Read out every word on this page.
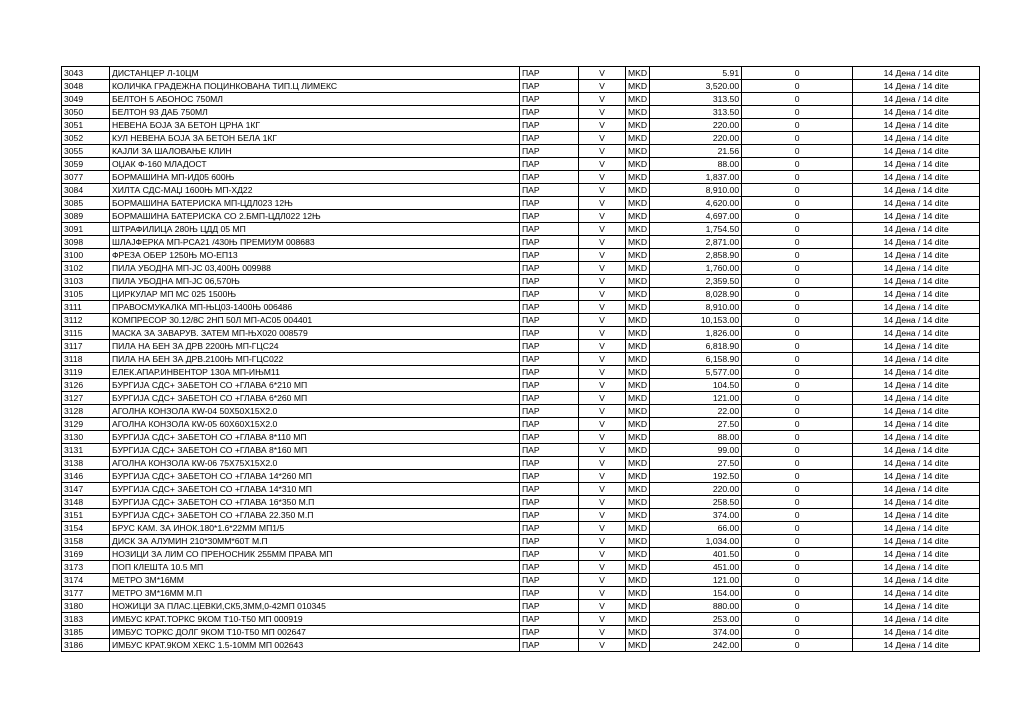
3043	ДИСТАНЦЕР Л-10ЦМ	ПАР	V	MKD	5.91	0	14 Дена / 14 dite
3048	КОЛИЧКА ГРАДЕЖНА ПОЦИНКОВАНА ТИП.Ц ЛИМЕКС	ПАР	V	MKD	3,520.00	0	14 Дена / 14 dite
3049	БЕЛТОН 5 АБОНОС 750МЛ	ПАР	V	MKD	313.50	0	14 Дена / 14 dite
3050	БЕЛТОН 93 ДАБ 750МЛ	ПАР	V	MKD	313.50	0	14 Дена / 14 dite
3051	НЕВЕНА БОЈА ЗА БЕТОН ЦРНА 1КГ	ПАР	V	MKD	220.00	0	14 Дена / 14 dite
3052	КУЛ НЕВЕНА БОЈА ЗА БЕТОН БЕЛА 1КГ	ПАР	V	MKD	220.00	0	14 Дена / 14 dite
3055	КАЈЛИ ЗА ШАЛОВАЊЕ КЛИН	ПАР	V	MKD	21.56	0	14 Дена / 14 dite
3059	ОЏАК Ф-160 МЛАДОСТ	ПАР	V	MKD	88.00	0	14 Дена / 14 dite
3077	БОРМАШИНА МП-ИД05 600Њ	ПАР	V	MKD	1,837.00	0	14 Дена / 14 dite
3084	ХИЛТА СДС-МАЏ 1600Њ МП-ХД22	ПАР	V	MKD	8,910.00	0	14 Дена / 14 dite
3085	БОРМАШИНА БАТЕРИСКА МП-ЦДЛ023 12Њ	ПАР	V	MKD	4,620.00	0	14 Дена / 14 dite
3089	БОРМАШИНА БАТЕРИСКА СО 2.БМП-ЦДЛ022 12Њ	ПАР	V	MKD	4,697.00	0	14 Дена / 14 dite
3091	ШТРАФИЛИЦА 280Њ ЦДД 05 МП	ПАР	V	MKD	1,754.50	0	14 Дена / 14 dite
3098	ШЛАЈФЕРКА МП-РСА21 /430Њ ПРЕМИУМ 008683	ПАР	V	MKD	2,871.00	0	14 Дена / 14 dite
3100	ФРЕЗА ОБЕР 1250Њ МО-ЕП13	ПАР	V	MKD	2,858.90	0	14 Дена / 14 dite
3102	ПИЛА УБОДНА МП-ЈС 03,400Њ 009988	ПАР	V	MKD	1,760.00	0	14 Дена / 14 dite
3103	ПИЛА УБОДНА МП-ЈС 06,570Њ	ПАР	V	MKD	2,359.50	0	14 Дена / 14 dite
3105	ЦИРКУЛАР МП МС 025 1500Њ	ПАР	V	MKD	8,028.90	0	14 Дена / 14 dite
3111	ПРАВОСМУКАЛКА МП-ЊЦ03-1400Њ 006486	ПАР	V	MKD	8,910.00	0	14 Дена / 14 dite
3112	КОМПРЕСОР 30.12/8С 2НП 50Л МП-АС05 004401	ПАР	V	MKD	10,153.00	0	14 Дена / 14 dite
3115	МАСКА ЗА ЗАВАРУВ. ЗАТЕМ МП-ЊХ020 008579	ПАР	V	MKD	1,826.00	0	14 Дена / 14 dite
3117	ПИЛА НА БЕН ЗА ДРВ 2200Њ МП-ГЦС24	ПАР	V	MKD	6,818.90	0	14 Дена / 14 dite
3118	ПИЛА НА БЕН ЗА ДРВ.2100Њ МП-ГЦС022	ПАР	V	MKD	6,158.90	0	14 Дена / 14 dite
3119	ЕЛЕК.АПАР.ИНВЕНТОР 130А МП-ИЊМ11	ПАР	V	MKD	5,577.00	0	14 Дена / 14 dite
3126	БУРГИЈА СДС+ ЗАБЕТОН СО +ГЛАВА 6*210 МП	ПАР	V	MKD	104.50	0	14 Дена / 14 dite
3127	БУРГИЈА СДС+ ЗАБЕТОН СО +ГЛАВА 6*260 МП	ПАР	V	MKD	121.00	0	14 Дена / 14 dite
3128	АГОЛНА КОНЗОЛА КW-04 50Х50Х15Х2.0	ПАР	V	MKD	22.00	0	14 Дена / 14 dite
3129	АГОЛНА КОНЗОЛА КW-05 60Х60Х15Х2.0	ПАР	V	MKD	27.50	0	14 Дена / 14 dite
3130	БУРГИЈА СДС+ ЗАБЕТОН СО +ГЛАВА 8*110 МП	ПАР	V	MKD	88.00	0	14 Дена / 14 dite
3131	БУРГИЈА СДС+ ЗАБЕТОН СО +ГЛАВА 8*160 МП	ПАР	V	MKD	99.00	0	14 Дена / 14 dite
3138	АГОЛНА КОНЗОЛА КW-06 75Х75Х15Х2.0	ПАР	V	MKD	27.50	0	14 Дена / 14 dite
3146	БУРГИЈА СДС+ ЗАБЕТОН СО +ГЛАВА 14*260 МП	ПАР	V	MKD	192.50	0	14 Дена / 14 dite
3147	БУРГИЈА СДС+ ЗАБЕТОН СО +ГЛАВА 14*310 МП	ПАР	V	MKD	220.00	0	14 Дена / 14 dite
3148	БУРГИЈА СДС+ ЗАБЕТОН СО +ГЛАВА 16*350 М.П	ПАР	V	MKD	258.50	0	14 Дена / 14 dite
3151	БУРГИЈА СДС+ ЗАБЕТОН СО +ГЛАВА 22.350 М.П	ПАР	V	MKD	374.00	0	14 Дена / 14 dite
3154	БРУС КАМ. ЗА ИНОК.180*1.6*22ММ МП1/5	ПАР	V	MKD	66.00	0	14 Дена / 14 dite
3158	ДИСК ЗА АЛУМИН 210*30ММ*60Т М.П	ПАР	V	MKD	1,034.00	0	14 Дена / 14 dite
3169	НОЗИЦИ ЗА ЛИМ СО ПРЕНОСНИК 255ММ ПРАВА МП	ПАР	V	MKD	401.50	0	14 Дена / 14 dite
3173	ПОП КЛЕШТА 10.5 МП	ПАР	V	MKD	451.00	0	14 Дена / 14 dite
3174	МЕТРО 3М*16ММ	ПАР	V	MKD	121.00	0	14 Дена / 14 dite
3177	МЕТРО 3М*16ММ М.П	ПАР	V	MKD	154.00	0	14 Дена / 14 dite
3180	НОЖИЦИ ЗА ПЛАС.ЦЕВКИ,СК5,3ММ,0-42МП 010345	ПАР	V	MKD	880.00	0	14 Дена / 14 dite
3183	ИМБУС КРАТ.ТОРКС 9КОМ Т10-Т50 МП 000919	ПАР	V	MKD	253.00	0	14 Дена / 14 dite
3185	ИМБУС ТОРКС ДОЛГ 9КОМ Т10-Т50 МП 002647	ПАР	V	MKD	374.00	0	14 Дена / 14 dite
3186	ИМБУС КРАТ.9КОМ ХЕКС 1.5-10ММ МП 002643	ПАР	V	MKD	242.00	0	14 Дена / 14 dite
